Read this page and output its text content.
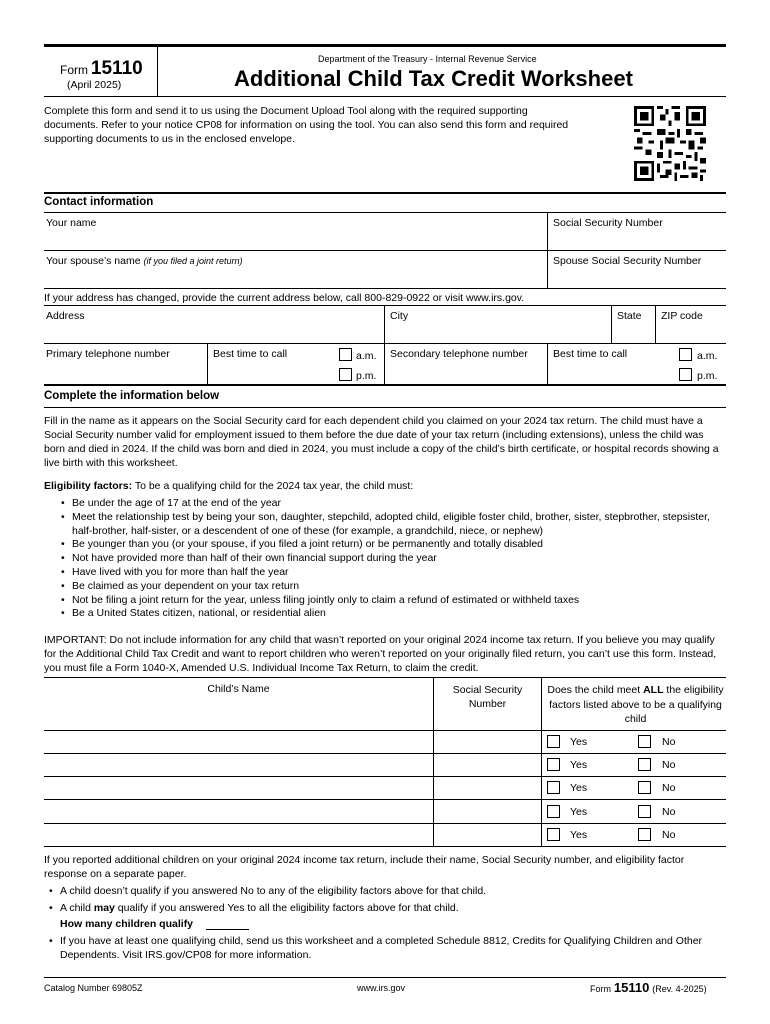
Form 15110
(April 2025)
Department of the Treasury - Internal Revenue Service
Additional Child Tax Credit Worksheet
Complete this form and send it to us using the Document Upload Tool along with the required supporting documents. Refer to your notice CP08 for information on using the tool. You can also send this form and required supporting documents to us in the enclosed envelope.
Contact information
Your name	Social Security Number
Your spouse’s name (if you filed a joint return)	Spouse Social Security Number
If your address has changed, provide the current address below, call 800-829-0922 or visit www.irs.gov.
Address	City	State ZIP code
Primary telephone number	Best time to call	a.m.
p.m.
Secondary telephone number Best time to call	a.m.
p.m.
Complete the information below
Fill in the name as it appears on the Social Security card for each dependent child you claimed on your 2024 tax return. The child must have a Social Security number valid for employment issued to them before the due date of your tax return (including extensions), unless the child was born and died in 2024. If the child was born and died in 2024, you must include a copy of the child’s birth certificate, or hospital records showing a live birth with this worksheet.
Eligibility factors: To be a qualifying child for the 2024 tax year, the child must:
• Be under the age of 17 at the end of the year
• Meet the relationship test by being your son, daughter, stepchild, adopted child, eligible foster child, brother, sister, stepbrother, stepsister, half-brother, half-sister, or a descendent of one of these (for example, a grandchild, niece, or nephew)
• Be younger than you (or your spouse, if you filed a joint return) or be permanently and totally disabled
• Not have provided more than half of their own financial support during the year
• Have lived with you for more than half the year
• Be claimed as your dependent on your tax return
• Not be filing a joint return for the year, unless filing jointly only to claim a refund of estimated or withheld taxes
• Be a United States citizen, national, or residential alien
IMPORTANT: Do not include information for any child that wasn’t reported on your original 2024 income tax return. If you believe you may qualify for the Additional Child Tax Credit and want to report children who weren’t reported on your originally filed return, you can’t use this form. Instead, you must file a Form 1040-X, Amended U.S. Individual Income Tax Return, to claim the credit.
Child’s Name	Social Security Number
Does the child meet ALL the eligibility factors listed above to be a qualifying child
Yes	No
Yes	No
Yes	No
Yes	No
Yes	No
If you reported additional children on your original 2024 income tax return, include their name, Social Security number, and eligibility factor response on a separate paper.
• A child doesn’t qualify if you answered No to any of the eligibility factors above for that child.
• A child may qualify if you answered Yes to all the eligibility factors above for that child.
How many children qualify
• If you have at least one qualifying child, send us this worksheet and a completed Schedule 8812, Credits for Qualifying Children and Other Dependents. Visit IRS.gov/CP08 for more information.
Catalog Number 69805Z	www.irs.gov	Form 15110 (Rev. 4-2025)
